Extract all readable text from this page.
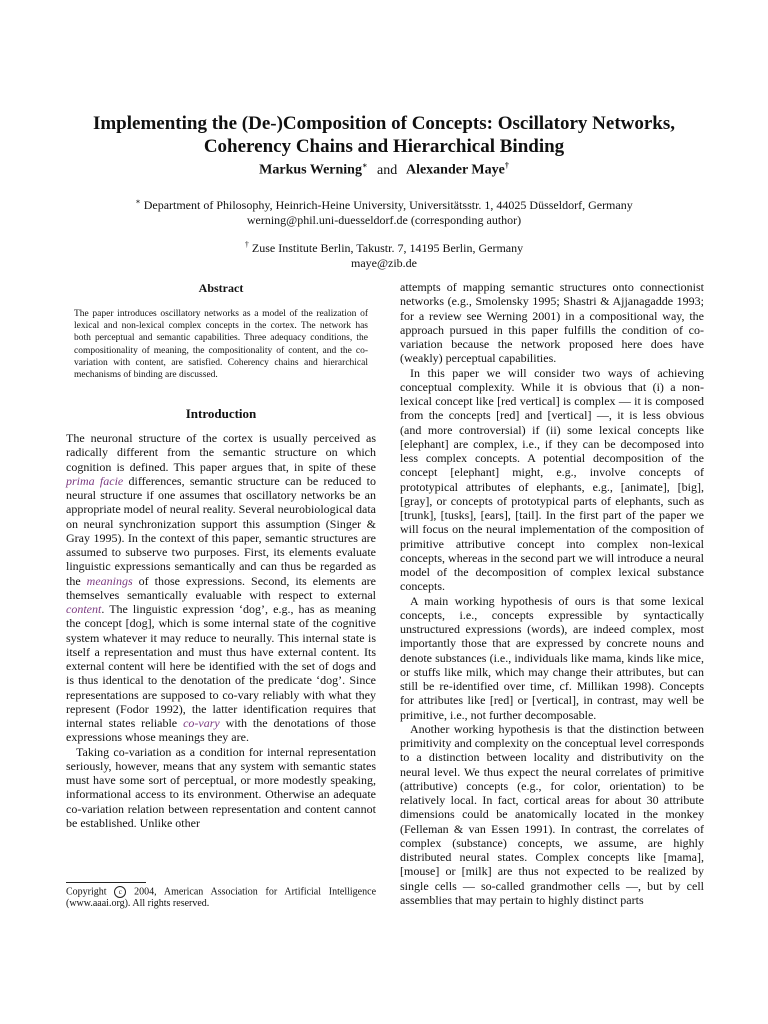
Implementing the (De-)Composition of Concepts: Oscillatory Networks, Coherency Chains and Hierarchical Binding
Markus Werning∗ and Alexander Maye†

∗ Department of Philosophy, Heinrich-Heine University, Universitätsstr. 1, 44025 Düsseldorf, Germany

werning@phil.uni-duesseldorf.de (corresponding author)

† Zuse Institute Berlin, Takustr. 7, 14195 Berlin, Germany

maye@zib.de

Abstract

The paper introduces oscillatory networks as a model of the realization of lexical and non-lexical complex concepts in the cortex. The network has both perceptual and semantic capabilities. Three adequacy conditions, the compositionality of meaning, the compositionality of content, and the co-variation with content, are satisfied. Coherency chains and hierarchical mechanisms of binding are discussed.

Introduction

The neuronal structure of the cortex is usually perceived as radically different from the semantic structure on which cognition is defined. This paper argues that, in spite of these prima facie differences, semantic structure can be reduced to neural structure if one assumes that oscillatory networks be an appropriate model of neural reality. Several neurobiological data on neural synchronization support this assumption (Singer & Gray 1995). In the context of this paper, semantic structures are assumed to subserve two purposes. First, its elements evaluate linguistic expressions semantically and can thus be regarded as the meanings of those expressions. Second, its elements are themselves semantically evaluable with respect to external content. The linguistic expression ‘dog’, e.g., has as meaning the concept [dog], which is some internal state of the cognitive system whatever it may reduce to neurally. This internal state is itself a representation and must thus have external content. Its external content will here be identified with the set of dogs and is thus identical to the denotation of the predicate ‘dog’. Since representations are supposed to co-vary reliably with what they represent (Fodor 1992), the latter identification requires that internal states reliable co-vary with the denotations of those expressions whose meanings they are.

Taking co-variation as a condition for internal representation seriously, however, means that any system with semantic states must have some sort of perceptual, or more modestly speaking, informational access to its environment. Otherwise an adequate co-variation relation between representation and content cannot be established. Unlike other

Copyright c 2004, American Association for Artificial Intelligence (www.aaai.org). All rights reserved.

attempts of mapping semantic structures onto connectionist networks (e.g., Smolensky 1995; Shastri & Ajjanagadde 1993; for a review see Werning 2001) in a compositional way, the approach pursued in this paper fulfills the condition of co-variation because the network proposed here does have (weakly) perceptual capabilities.

In this paper we will consider two ways of achieving conceptual complexity. While it is obvious that (i) a non-lexical concept like [red vertical] is complex — it is composed from the concepts [red] and [vertical] —, it is less obvious (and more controversial) if (ii) some lexical concepts like [elephant] are complex, i.e., if they can be decomposed into less complex concepts. A potential decomposition of the concept [elephant] might, e.g., involve concepts of prototypical attributes of elephants, e.g., [animate], [big], [gray], or concepts of prototypical parts of elephants, such as [trunk], [tusks], [ears], [tail]. In the first part of the paper we will focus on the neural implementation of the composition of primitive attributive concept into complex non-lexical concepts, whereas in the second part we will introduce a neural model of the decomposition of complex lexical substance concepts.

A main working hypothesis of ours is that some lexical concepts, i.e., concepts expressible by syntactically unstructured expressions (words), are indeed complex, most importantly those that are expressed by concrete nouns and denote substances (i.e., individuals like mama, kinds like mice, or stuffs like milk, which may change their attributes, but can still be re-identified over time, cf. Millikan 1998). Concepts for attributes like [red] or [vertical], in contrast, may well be primitive, i.e., not further decomposable.

Another working hypothesis is that the distinction between primitivity and complexity on the conceptual level corresponds to a distinction between locality and distributivity on the neural level. We thus expect the neural correlates of primitive (attributive) concepts (e.g., for color, orientation) to be relatively local. In fact, cortical areas for about 30 attribute dimensions could be anatomically located in the monkey (Felleman & van Essen 1991). In contrast, the correlates of complex (substance) concepts, we assume, are highly distributed neural states. Complex concepts like [mama], [mouse] or [milk] are thus not expected to be realized by single cells — so-called grandmother cells —, but by cell assemblies that may pertain to highly distinct parts
